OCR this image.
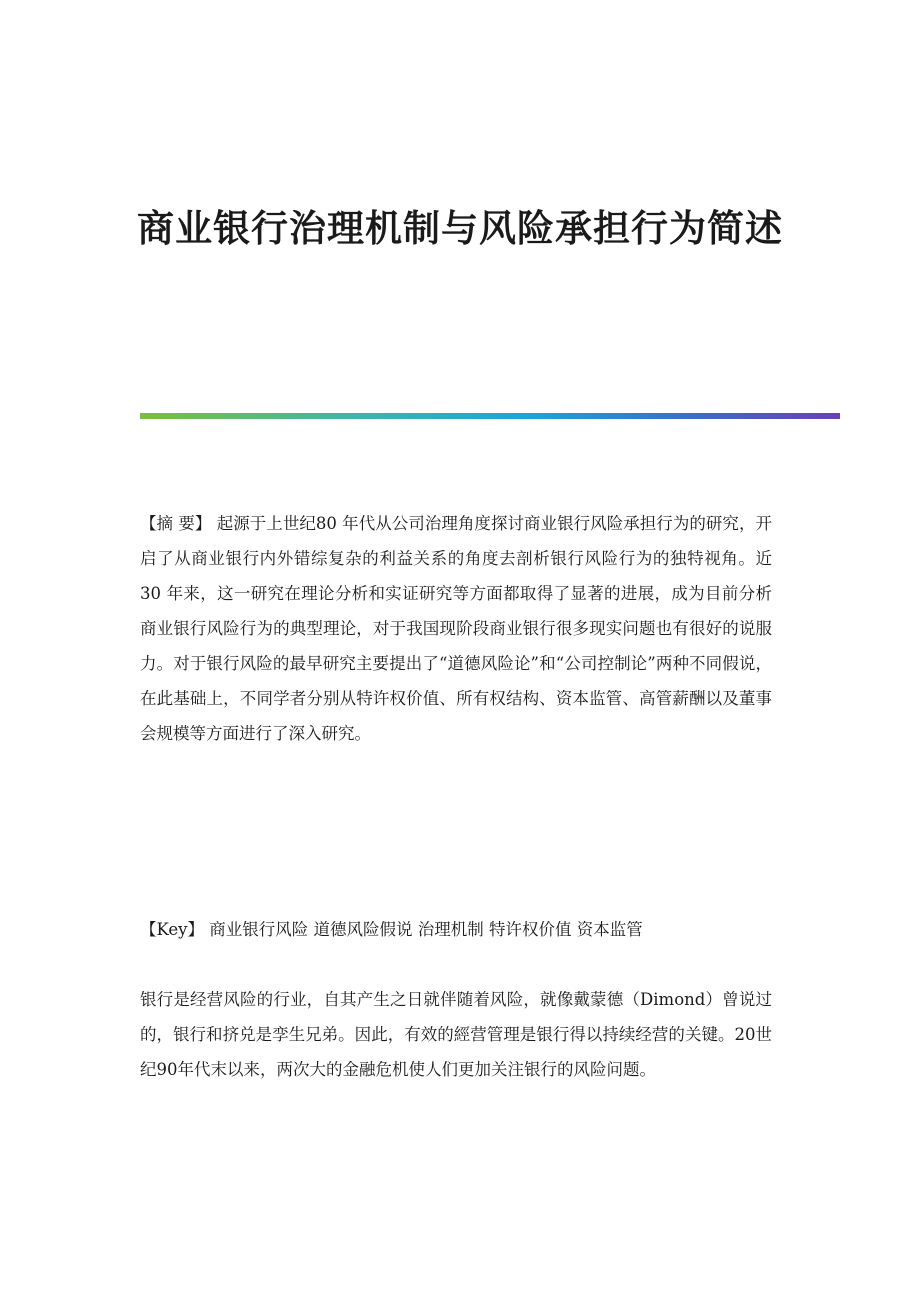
商业银行治理机制与风险承担行为简述

【摘 要】 起源于上世纪80 年代从公司治理角度探讨商业银行风险承担行为的研究，开启了从商业银行内外错综复杂的利益关系的角度去剖析银行风险行为的独特视角。近 30 年来，这一研究在理论分析和实证研究等方面都取得了显著的进展，成为目前分析商业银行风险行为的典型理论，对于我国现阶段商业银行很多现实问题也有很好的说服力。对于银行风险的最早研究主要提出了“道德风险论”和“公司控制论”两种不同假说，在此基础上，不同学者分别从特许权价值、所有权结构、资本监管、高管薪酬以及董事会规模等方面进行了深入研究。

【Key】 商业银行风险 道德风险假说 治理机制 特许权价值 资本监管

银行是经营风险的行业，自其产生之日就伴随着风险，就像戴蒙德（Dimond）曾说过的，银行和挤兑是孪生兄弟。因此，有效的經营管理是银行得以持续经营的关键。20世纪90年代末以来，两次大的金融危机使人们更加关注银行的风险问题。
